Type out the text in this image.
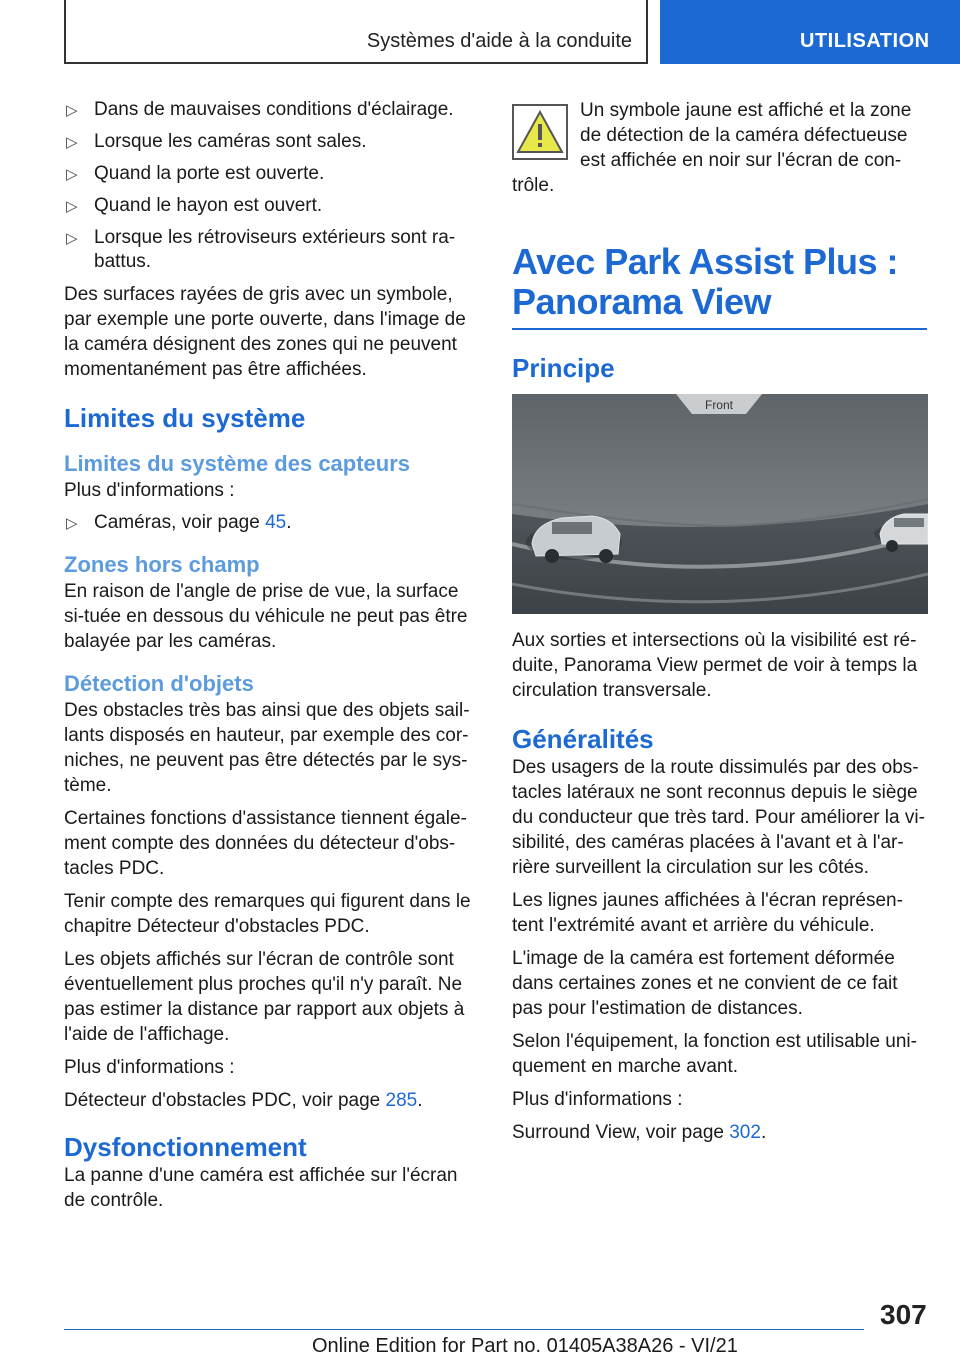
Systèmes d'aide à la conduite	UTILISATION
▷ Dans de mauvaises conditions d'éclairage.
▷ Lorsque les caméras sont sales.
▷ Quand la porte est ouverte.
▷ Quand le hayon est ouvert.
▷ Lorsque les rétroviseurs extérieurs sont ra-battus.

Des surfaces rayées de gris avec un symbole, par exemple une porte ouverte, dans l'image de la caméra désignent des zones qui ne peuvent momentanément pas être affichées.

Limites du système
Limites du système des capteurs

Plus d'informations :

▷ Caméras, voir page 45.
Zones hors champ

En raison de l'angle de prise de vue, la surface si-tuée en dessous du véhicule ne peut pas être balayée par les caméras.

Détection d'objets

Des obstacles très bas ainsi que des objets sail-lants disposés en hauteur, par exemple des cor-niches, ne peuvent pas être détectés par le sys-tème.

Certaines fonctions d'assistance tiennent égale-ment compte des données du détecteur d'obs-tacles PDC.

Tenir compte des remarques qui figurent dans le chapitre Détecteur d'obstacles PDC.

Les objets affichés sur l'écran de contrôle sont éventuellement plus proches qu'il n'y paraît. Ne pas estimer la distance par rapport aux objets à l'aide de l'affichage.

Plus d'informations :

Détecteur d'obstacles PDC, voir page 285.

Dysfonctionnement

La panne d'une caméra est affichée sur l'écran de contrôle.

Un symbole jaune est affiché et la zone de détection de la caméra défectueuse est affichée en noir sur l'écran de con-trôle.

Avec Park Assist Plus : Panorama View
Principe
Front

Aux sorties et intersections où la visibilité est ré-duite, Panorama View permet de voir à temps la circulation transversale.

Généralités

Des usagers de la route dissimulés par des obs-tacles latéraux ne sont reconnus depuis le siège du conducteur que très tard. Pour améliorer la vi-sibilité, des caméras placées à l'avant et à l'ar-rière surveillent la circulation sur les côtés.

Les lignes jaunes affichées à l'écran représen-tent l'extrémité avant et arrière du véhicule.

L'image de la caméra est fortement déformée dans certaines zones et ne convient de ce fait pas pour l'estimation de distances.

Selon l'équipement, la fonction est utilisable uni-quement en marche avant.

Plus d'informations :

Surround View, voir page 302.

307
Online Edition for Part no. 01405A38A26 - VI/21
